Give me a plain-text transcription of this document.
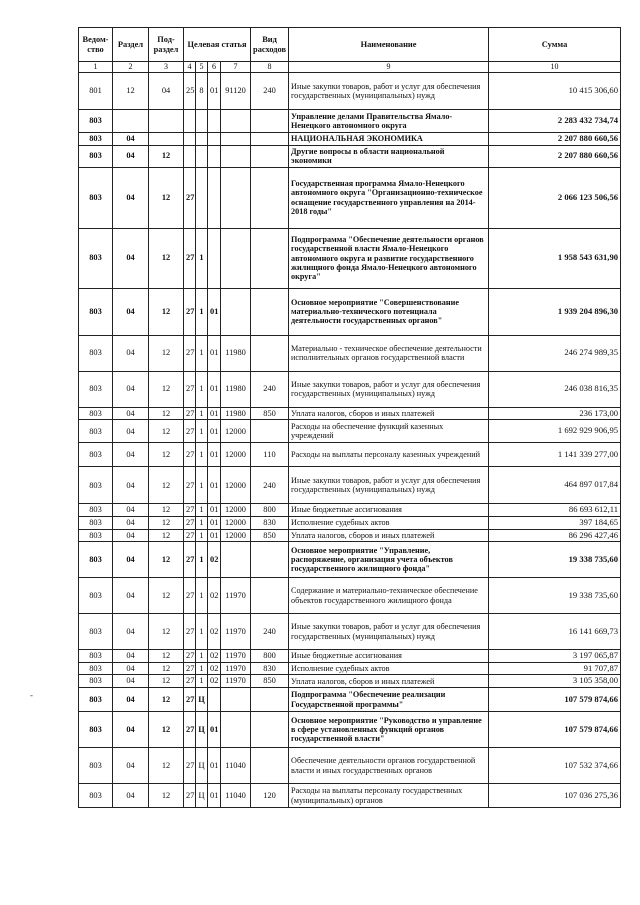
-
Ведом-ство	Раздел	Под-раздел	Целевая статья				Вид расходов	Наименование	Сумма
1	2	3	4	5	6	7	8	9	10
801	12	04	25	8	01	91120	240	Иные закупки товаров, работ и услуг для обеспечения государственных (муниципальных) нужд	10 415 306,60
803								Управление делами Правительства Ямало-Ненецкого автономного округа	2 283 432 734,74
803	04							НАЦИОНАЛЬНАЯ ЭКОНОМИКА	2 207 880 660,56
803	04	12						Другие вопросы в области национальной экономики	2 207 880 660,56
803	04	12	27					Государственная программа Ямало-Ненецкого автономного округа "Организационно-техническое оснащение государственного управления на 2014-2018 годы"	2 066 123 506,56
803	04	12	27	1				Подпрограмма "Обеспечение деятельности органов государственной власти Ямало-Ненецкого автономного округа и развитие государственного жилищного фонда Ямало-Ненецкого автономного округа"	1 958 543 631,90
803	04	12	27	1	01			Основное мероприятие "Совершенствование материально-технического потенциала деятельности государственных органов"	1 939 204 896,30
803	04	12	27	1	01	11980		Материально - техническое обеспечение деятельности исполнительных органов государственной власти	246 274 989,35
803	04	12	27	1	01	11980	240	Иные закупки товаров, работ и услуг для обеспечения государственных (муниципальных) нужд	246 038 816,35
803	04	12	27	1	01	11980	850	Уплата налогов, сборов и иных платежей	236 173,00
803	04	12	27	1	01	12000		Расходы на обеспечение функций казенных учреждений	1 692 929 906,95
803	04	12	27	1	01	12000	110	Расходы на выплаты персоналу казенных учреждений	1 141 339 277,00
803	04	12	27	1	01	12000	240	Иные закупки товаров, работ и услуг для обеспечения государственных (муниципальных) нужд	464 897 017,84
803	04	12	27	1	01	12000	800	Иные бюджетные ассигнования	86 693 612,11
803	04	12	27	1	01	12000	830	Исполнение судебных актов	397 184,65
803	04	12	27	1	01	12000	850	Уплата налогов, сборов и иных платежей	86 296 427,46
803	04	12	27	1	02			Основное мероприятие "Управление, распоряжение, организация учета объектов государственного жилищного фонда"	19 338 735,60
803	04	12	27	1	02	11970		Содержание и материально-техническое обеспечение объектов государственного жилищного фонда	19 338 735,60
803	04	12	27	1	02	11970	240	Иные закупки товаров, работ и услуг для обеспечения государственных (муниципальных) нужд	16 141 669,73
803	04	12	27	1	02	11970	800	Иные бюджетные ассигнования	3 197 065,87
803	04	12	27	1	02	11970	830	Исполнение судебных актов	91 707,87
803	04	12	27	1	02	11970	850	Уплата налогов, сборов и иных платежей	3 105 358,00
803	04	12	27	Ц				Подпрограмма "Обеспечение реализации Государственной программы"	107 579 874,66
803	04	12	27	Ц	01			Основное мероприятие "Руководство и управление в сфере установленных функций органов государственной власти"	107 579 874,66
803	04	12	27	Ц	01	11040		Обеспечение деятельности органов государственной власти и иных государственных органов	107 532 374,66
803	04	12	27	Ц	01	11040	120	Расходы на выплаты персоналу государственных (муниципальных) органов	107 036 275,36
